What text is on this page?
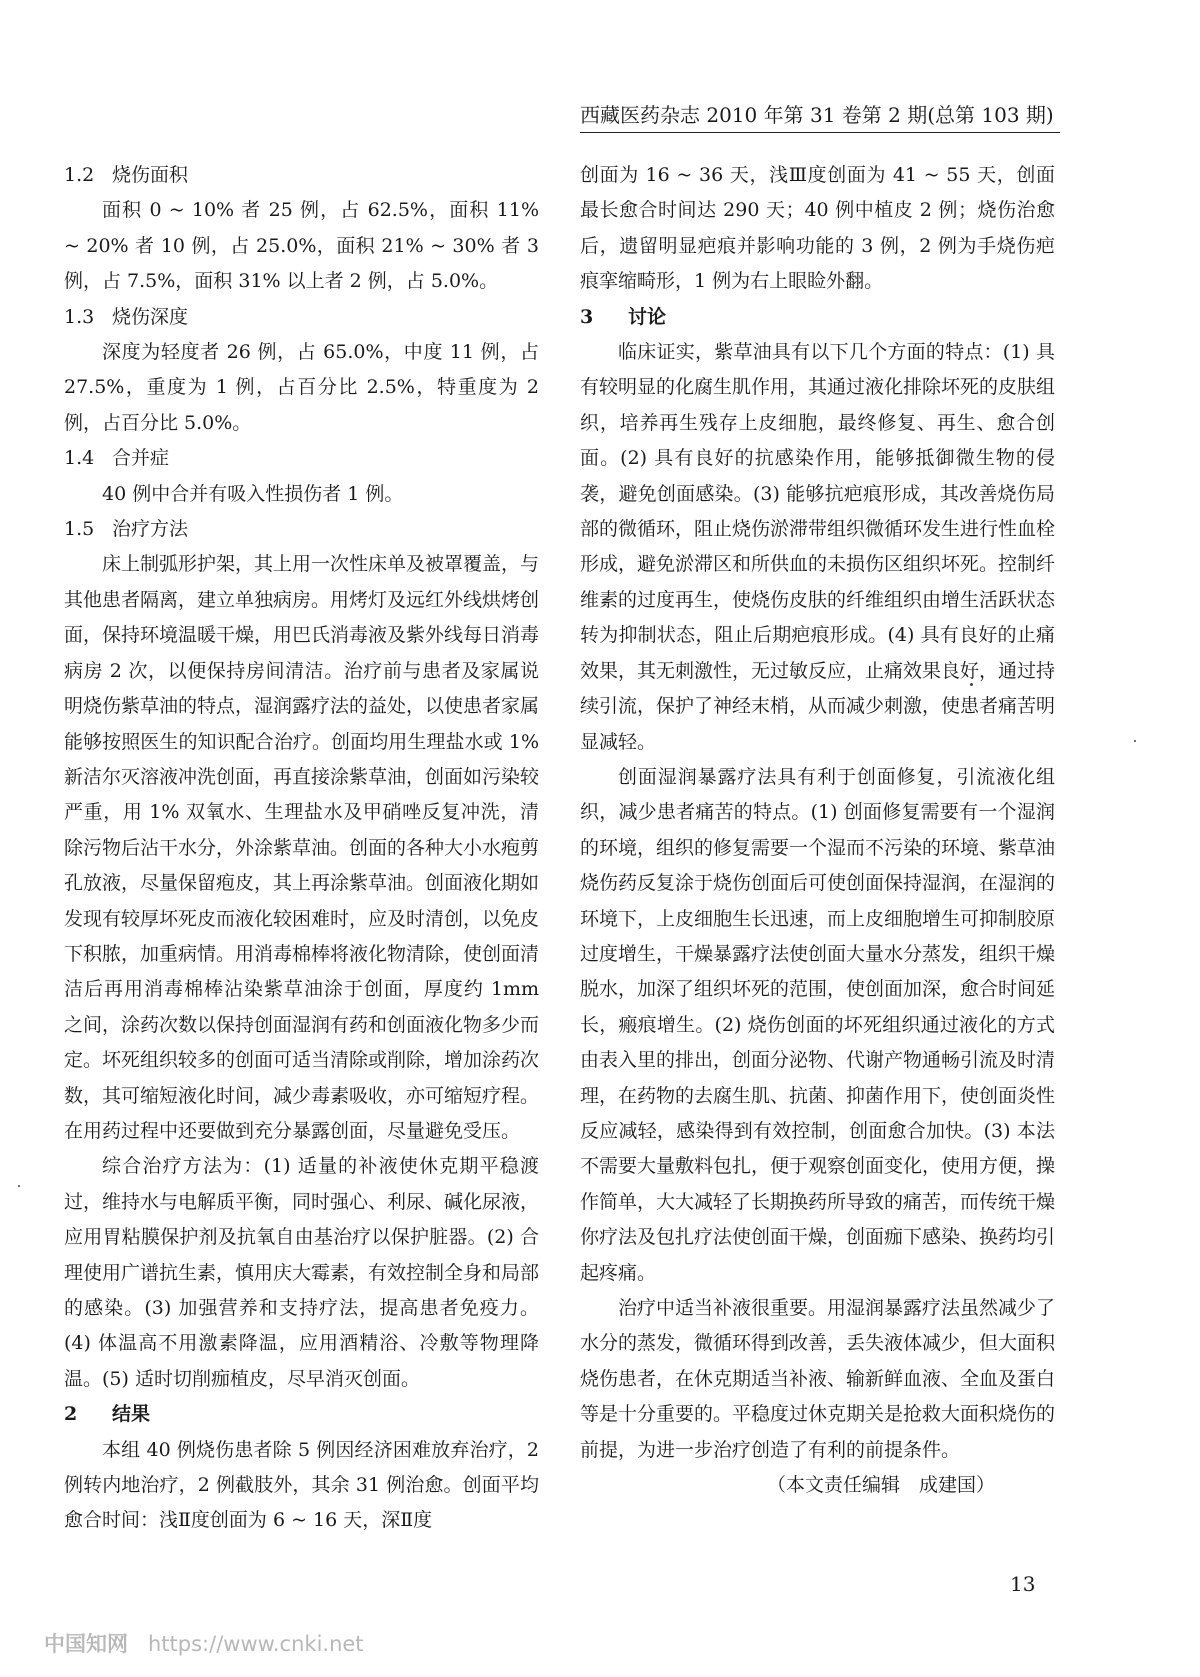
西藏医药杂志 2010 年第 31 卷第 2 期(总第 103 期)
1.2 烧伤面积

面积 0 ~ 10% 者 25 例，占 62.5%，面积 11% ~ 20% 者 10 例，占 25.0%，面积 21% ~ 30% 者 3 例，占 7.5%，面积 31% 以上者 2 例，占 5.0%。

1.3 烧伤深度

深度为轻度者 26 例，占 65.0%，中度 11 例，占 27.5%，重度为 1 例，占百分比 2.5%，特重度为 2 例，占百分比 5.0%。

1.4 合并症

40 例中合并有吸入性损伤者 1 例。

1.5 治疗方法

床上制弧形护架，其上用一次性床单及被罩覆盖，与其他患者隔离，建立单独病房。用烤灯及远红外线烘烤创面，保持环境温暖干燥，用巴氏消毒液及紫外线每日消毒病房 2 次，以便保持房间清洁。治疗前与患者及家属说明烧伤紫草油的特点，湿润露疗法的益处，以使患者家属能够按照医生的知识配合治疗。创面均用生理盐水或 1% 新洁尔灭溶液冲洗创面，再直接涂紫草油，创面如污染较严重，用 1% 双氧水、生理盐水及甲硝唑反复冲洗，清除污物后沾干水分，外涂紫草油。创面的各种大小水疱剪孔放液，尽量保留疱皮，其上再涂紫草油。创面液化期如发现有较厚坏死皮而液化较困难时，应及时清创，以免皮下积脓，加重病情。用消毒棉棒将液化物清除，使创面清洁后再用消毒棉棒沾染紫草油涂于创面，厚度约 1mm 之间，涂药次数以保持创面湿润有药和创面液化物多少而定。坏死组织较多的创面可适当清除或削除，增加涂药次数，其可缩短液化时间，减少毒素吸收，亦可缩短疗程。在用药过程中还要做到充分暴露创面，尽量避免受压。

综合治疗方法为：(1) 适量的补液使休克期平稳渡过，维持水与电解质平衡，同时强心、利尿、碱化尿液，应用胃粘膜保护剂及抗氧自由基治疗以保护脏器。(2) 合理使用广谱抗生素，慎用庆大霉素，有效控制全身和局部的感染。(3) 加强营养和支持疗法，提高患者免疫力。(4) 体温高不用激素降温，应用酒精浴、冷敷等物理降温。(5) 适时切削痂植皮，尽早消灭创面。

2 结果

本组 40 例烧伤患者除 5 例因经济困难放弃治疗，2 例转内地治疗，2 例截肢外，其余 31 例治愈。创面平均愈合时间：浅Ⅱ度创面为 6 ~ 16 天，深Ⅱ度

创面为 16 ~ 36 天，浅Ⅲ度创面为 41 ~ 55 天，创面最长愈合时间达 290 天；40 例中植皮 2 例；烧伤治愈后，遗留明显疤痕并影响功能的 3 例，2 例为手烧伤疤痕挛缩畸形，1 例为右上眼睑外翻。

3 讨论

临床证实，紫草油具有以下几个方面的特点：(1) 具有较明显的化腐生肌作用，其通过液化排除坏死的皮肤组织，培养再生残存上皮细胞，最终修复、再生、愈合创面。(2) 具有良好的抗感染作用，能够抵御微生物的侵袭，避免创面感染。(3) 能够抗疤痕形成，其改善烧伤局部的微循环，阻止烧伤淤滞带组织微循环发生进行性血栓形成，避免淤滞区和所供血的未损伤区组织坏死。控制纤维素的过度再生，使烧伤皮肤的纤维组织由增生活跃状态转为抑制状态，阻止后期疤痕形成。(4) 具有良好的止痛效果，其无刺激性，无过敏反应，止痛效果良好，通过持续引流，保护了神经末梢，从而减少刺激，使患者痛苦明显减轻。

创面湿润暴露疗法具有利于创面修复，引流液化组织，减少患者痛苦的特点。(1) 创面修复需要有一个湿润的环境，组织的修复需要一个湿而不污染的环境、紫草油烧伤药反复涂于烧伤创面后可使创面保持湿润，在湿润的环境下，上皮细胞生长迅速，而上皮细胞增生可抑制胶原过度增生，干燥暴露疗法使创面大量水分蒸发，组织干燥脱水，加深了组织坏死的范围，使创面加深，愈合时间延长，瘢痕增生。(2) 烧伤创面的坏死组织通过液化的方式由表入里的排出，创面分泌物、代谢产物通畅引流及时清理，在药物的去腐生肌、抗菌、抑菌作用下，使创面炎性反应减轻，感染得到有效控制，创面愈合加快。(3) 本法不需要大量敷料包扎，便于观察创面变化，使用方便，操作简单，大大减轻了长期换药所导致的痛苦，而传统干燥你疗法及包扎疗法使创面干燥，创面痂下感染、换药均引起疼痛。

治疗中适当补液很重要。用湿润暴露疗法虽然减少了水分的蒸发，微循环得到改善，丢失液体减少，但大面积烧伤患者，在休克期适当补液、输新鲜血液、全血及蛋白等是十分重要的。平稳度过休克期关是抢救大面积烧伤的前提，为进一步治疗创造了有利的前提条件。

（本文责任编辑　成建国）

13
中国知网 https://www.cnki.net
